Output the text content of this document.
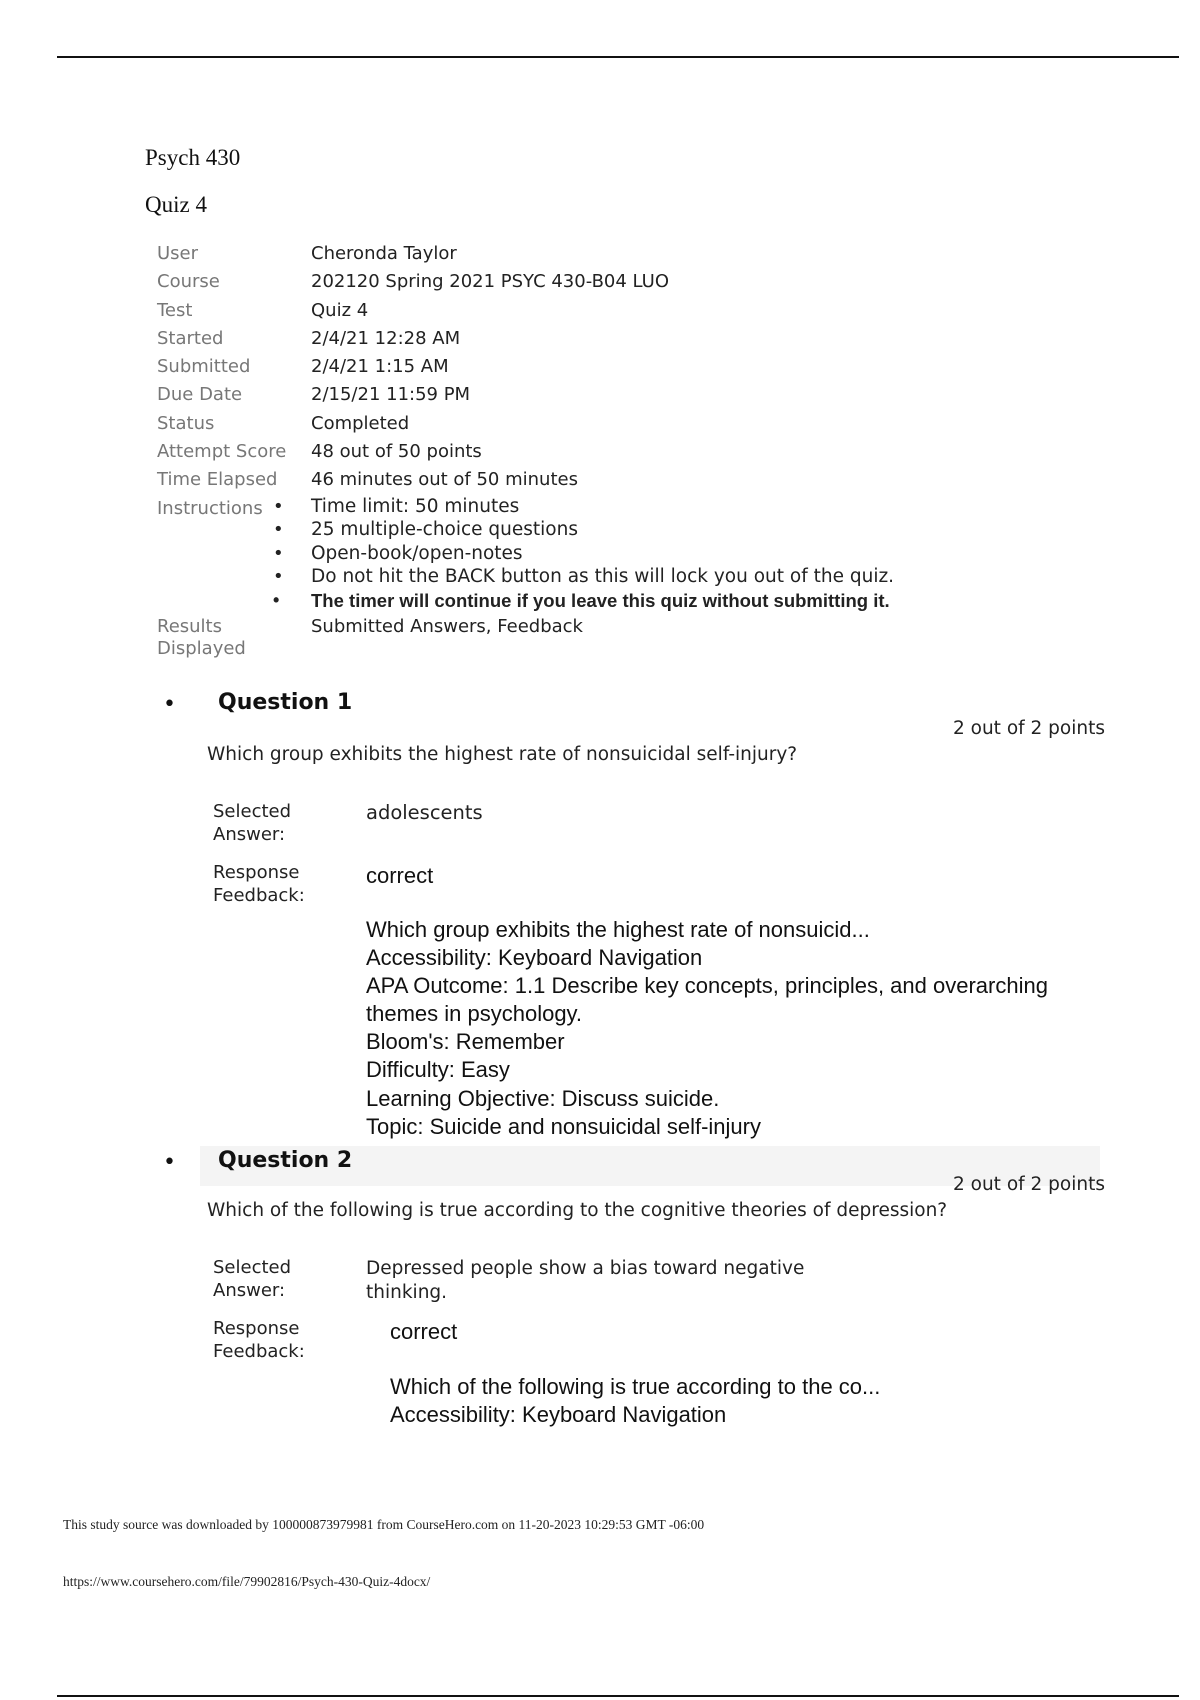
Psych 430
Quiz 4
User	Cheronda Taylor
Course	202120 Spring 2021 PSYC 430-B04 LUO
Test	Quiz 4
Started	2/4/21 12:28 AM
Submitted	2/4/21 1:15 AM
Due Date	2/15/21 11:59 PM
Status	Completed
Attempt Score	48 out of 50 points
Time Elapsed	46 minutes out of 50 minutes
Instructions
•	Time limit: 50 minutes
• 25 multiple-choice questions
• Open-book/open-notes
• Do not hit the BACK button as this will lock you out of the quiz.
• The timer will continue if you leave this quiz without submitting it.
Results Displayed
Submitted Answers, Feedback
• Question 1
2 out of 2 points
Which group exhibits the highest rate of nonsuicidal self-injury?
Selected Answer:
adolescents
Response Feedback:
correct
Which group exhibits the highest rate of nonsuicid...
Accessibility: Keyboard Navigation
APA Outcome: 1.1 Describe key concepts, principles, and overarching themes in psychology.
Bloom's: Remember
Difficulty: Easy
Learning Objective: Discuss suicide.
Topic: Suicide and nonsuicidal self-injury
• Question 2
2 out of 2 points
Which of the following is true according to the cognitive theories of depression?
Selected Answer:
Depressed people show a bias toward negative thinking.
Response Feedback:
correct
Which of the following is true according to the co...
Accessibility: Keyboard Navigation
This study source was downloaded by 100000873979981 from CourseHero.com on 11-20-2023 10:29:53 GMT -06:00
https://www.coursehero.com/file/79902816/Psych-430-Quiz-4docx/
